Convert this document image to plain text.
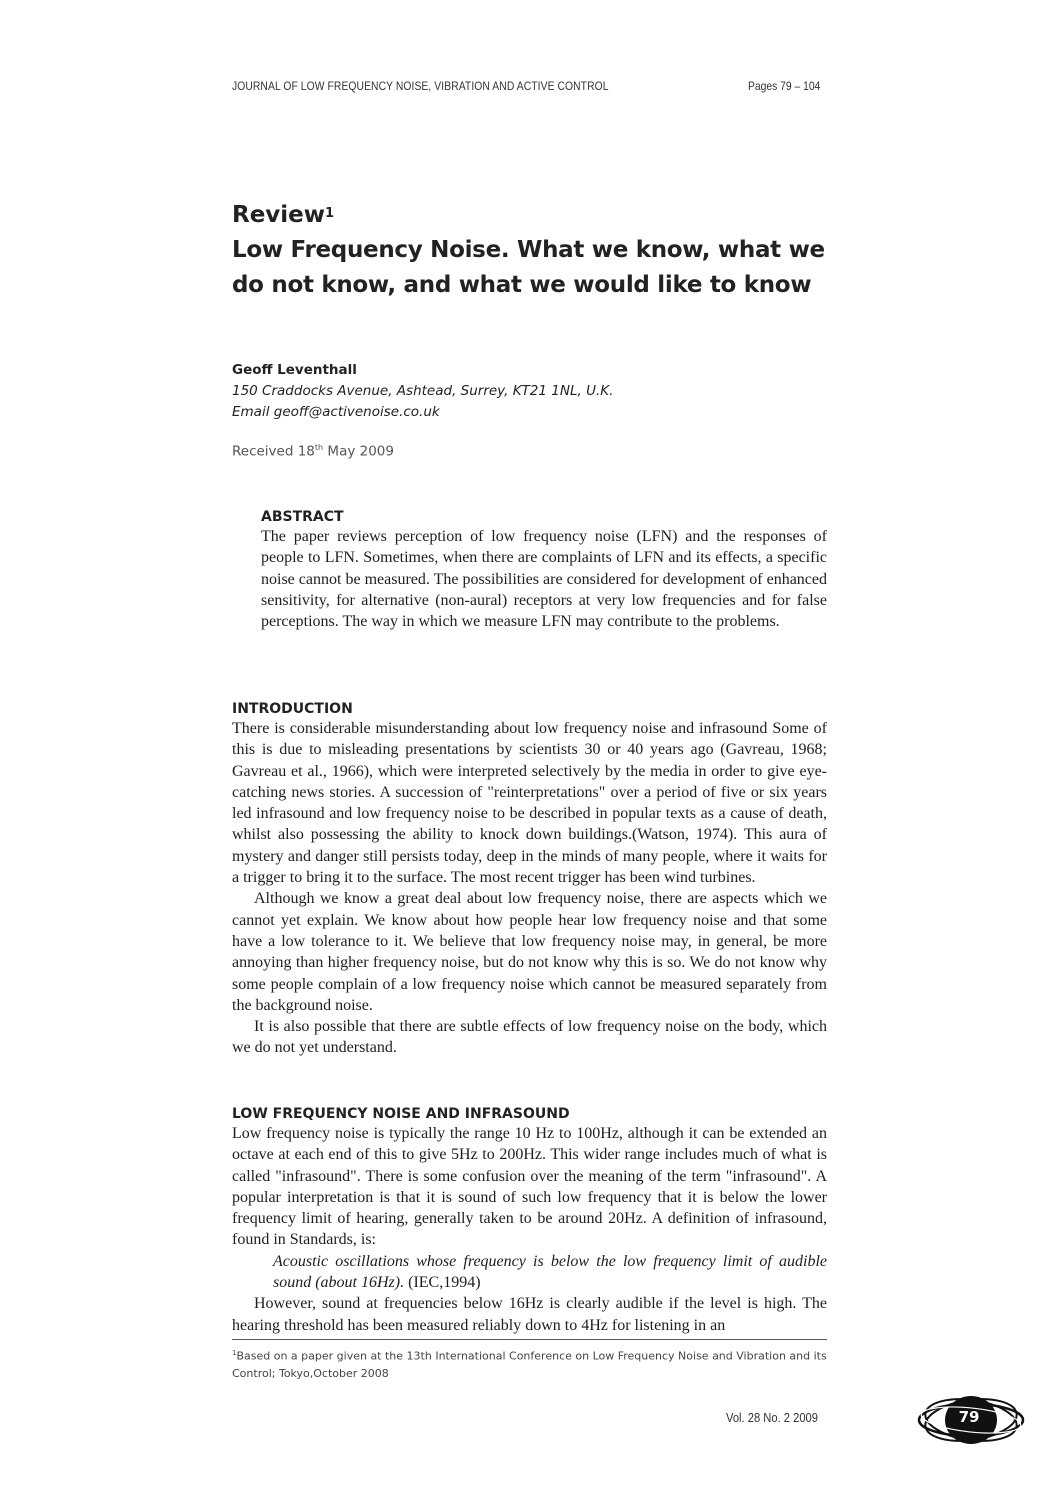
JOURNAL OF LOW FREQUENCY NOISE, VIBRATION AND ACTIVE CONTROL	Pages 79 – 104
Review$^1$
Low Frequency Noise. What we know, what we do not know, and what we would like to know
Geoff Leventhall
150 Craddocks Avenue, Ashtead, Surrey, KT21 1NL, U.K.
Email geoff@activenoise.co.uk
Received 18th May 2009
ABSTRACT
The paper reviews perception of low frequency noise (LFN) and the responses of people to LFN. Sometimes, when there are complaints of LFN and its effects, a specific noise cannot be measured. The possibilities are considered for development of enhanced sensitivity, for alternative (non-aural) receptors at very low frequencies and for false perceptions. The way in which we measure LFN may contribute to the problems.
INTRODUCTION
There is considerable misunderstanding about low frequency noise and infrasound Some of this is due to misleading presentations by scientists 30 or 40 years ago (Gavreau, 1968; Gavreau et al., 1966), which were interpreted selectively by the media in order to give eye-catching news stories. A succession of "reinterpretations" over a period of five or six years led infrasound and low frequency noise to be described in popular texts as a cause of death, whilst also possessing the ability to knock down buildings.(Watson, 1974). This aura of mystery and danger still persists today, deep in the minds of many people, where it waits for a trigger to bring it to the surface. The most recent trigger has been wind turbines.
Although we know a great deal about low frequency noise, there are aspects which we cannot yet explain. We know about how people hear low frequency noise and that some have a low tolerance to it. We believe that low frequency noise may, in general, be more annoying than higher frequency noise, but do not know why this is so. We do not know why some people complain of a low frequency noise which cannot be measured separately from the background noise.
It is also possible that there are subtle effects of low frequency noise on the body, which we do not yet understand.
LOW FREQUENCY NOISE AND INFRASOUND
Low frequency noise is typically the range 10 Hz to 100Hz, although it can be extended an octave at each end of this to give 5Hz to 200Hz. This wider range includes much of what is called "infrasound". There is some confusion over the meaning of the term "infrasound". A popular interpretation is that it is sound of such low frequency that it is below the lower frequency limit of hearing, generally taken to be around 20Hz. A definition of infrasound, found in Standards, is:
Acoustic oscillations whose frequency is below the low frequency limit of audible sound (about 16Hz). (IEC,1994)
However, sound at frequencies below 16Hz is clearly audible if the level is high. The hearing threshold has been measured reliably down to 4Hz for listening in an
$^1$Based on a paper given at the 13th International Conference on Low Frequency Noise and Vibration and its Control; Tokyo,October 2008
Vol. 28 No. 2 2009	79
